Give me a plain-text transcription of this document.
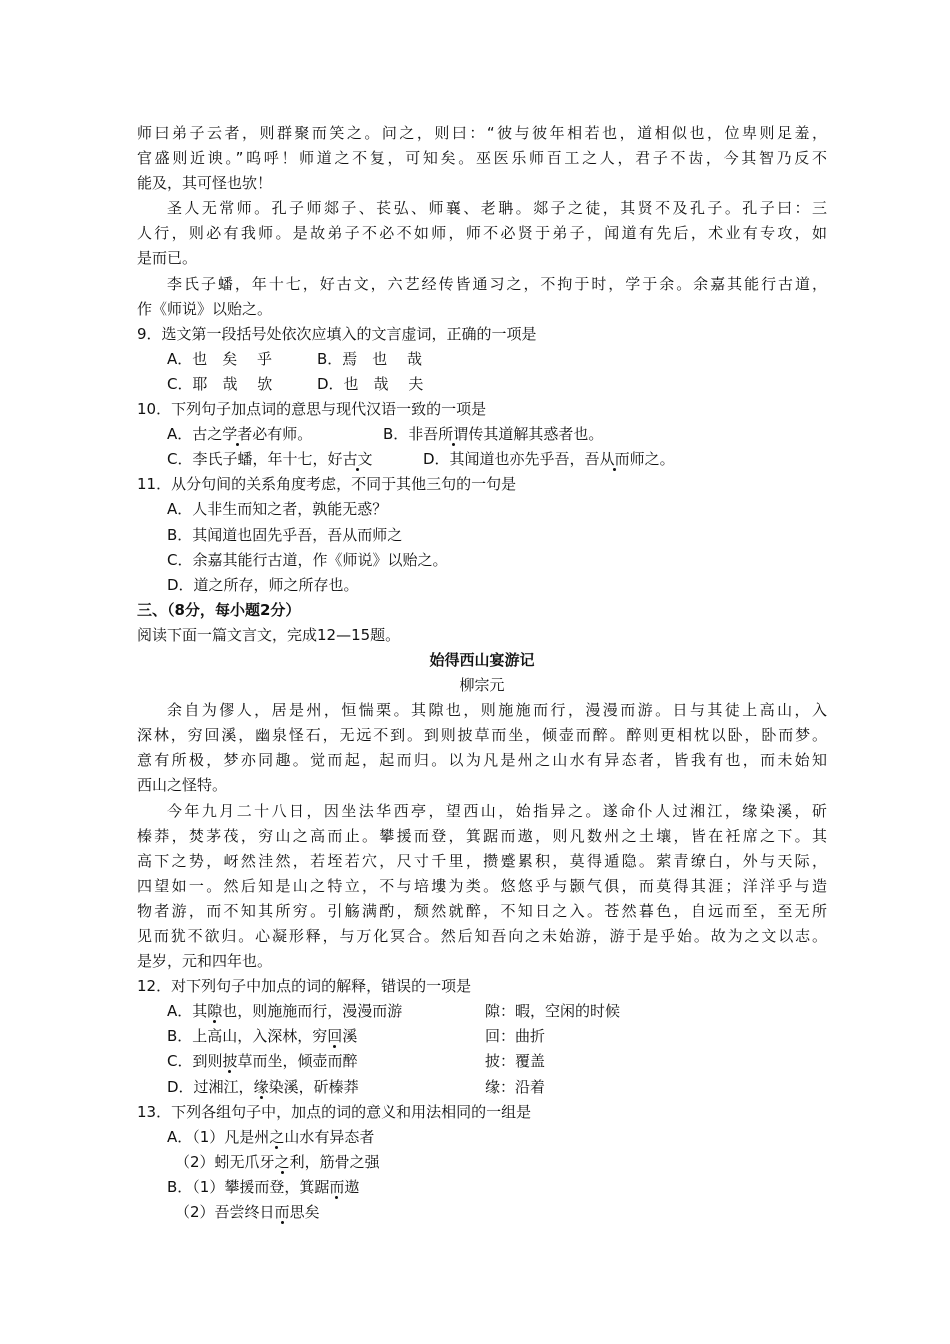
师曰弟子云者，则群聚而笑之。问之，则曰：“彼与彼年相若也，道相似也，位卑则足羞，
官盛则近谀。”呜呼！师道之不复，可知矣。巫医乐师百工之人，君子不齿，今其智乃反不
能及，其可怪也欤！
圣人无常师。孔子师郯子、苌弘、师襄、老聃。郯子之徒，其贤不及孔子。孔子曰：三
人行，则必有我师。是故弟子不必不如师，师不必贤于弟子，闻道有先后，术业有专攻，如
是而已。
李氏子蟠，年十七，好古文，六艺经传皆通习之，不拘于时，学于余。余嘉其能行古道，
作《师说》以贻之。
9．选文第一段括号处依次应填入的文言虚词，正确的一项是
A．也　矣　 乎	B．焉　也　 哉
C．耶　哉　 欤	D．也　哉　 夫
10．下列句子加点词的意思与现代汉语一致的一项是
A．古之学者必有师。	B．非吾所谓传其道解其惑者也。
C．李氏子蟠，年十七，好古文	D．其闻道也亦先乎吾，吾从而师之。
11．从分句间的关系角度考虑，不同于其他三句的一句是
A．人非生而知之者，孰能无惑？
B．其闻道也固先乎吾，吾从而师之
C．余嘉其能行古道，作《师说》以贻之。
D．道之所存，师之所存也。
三、（8分，每小题2分）
阅读下面一篇文言文，完成12—15题。
始得西山宴游记
柳宗元
余自为僇人，居是州，恒惴栗。其隙也，则施施而行，漫漫而游。日与其徒上高山，入
深林，穷回溪，幽泉怪石，无远不到。到则披草而坐，倾壶而醉。醉则更相枕以卧，卧而梦。
意有所极，梦亦同趣。觉而起，起而归。以为凡是州之山水有异态者，皆我有也，而未始知
西山之怪特。
今年九月二十八日，因坐法华西亭，望西山，始指异之。遂命仆人过湘江，缘染溪，斫
榛莽，焚茅茷，穷山之高而止。攀援而登，箕踞而遨，则凡数州之土壤，皆在衽席之下。其
高下之势，岈然洼然，若垤若穴，尺寸千里，攒蹙累积，莫得遁隐。萦青缭白，外与天际，
四望如一。然后知是山之特立，不与培塿为类。悠悠乎与颢气俱，而莫得其涯；洋洋乎与造
物者游，而不知其所穷。引觞满酌，颓然就醉，不知日之入。苍然暮色，自远而至，至无所
见而犹不欲归。心凝形释，与万化冥合。然后知吾向之未始游，游于是乎始。故为之文以志。
是岁，元和四年也。
12．对下列句子中加点的词的解释，错误的一项是
A．其隙也，则施施而行，漫漫而游	隙：暇，空闲的时候
B．上高山，入深林，穷回溪	回：曲折
C．到则披草而坐，倾壶而醉	披：覆盖
D．过湘江，缘染溪，斫榛莽	缘：沿着
13．下列各组句子中，加点的词的意义和用法相同的一组是
A．（1）凡是州之山水有异态者
（2）蚓无爪牙之利，筋骨之强
B．（1）攀援而登，箕踞而遨
（2）吾尝终日而思矣
